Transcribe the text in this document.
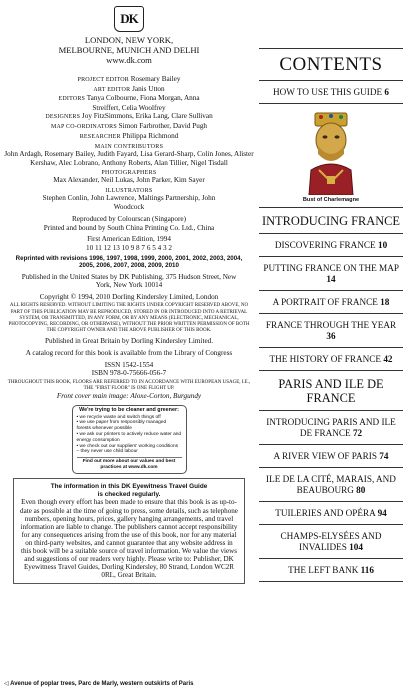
DK
LONDON, NEW YORK,
MELBOURNE, MUNICH AND DELHI
www.dk.com
PROJECT EDITOR Rosemary Bailey
ART EDITOR Janis Utton
EDITORS Tanya Colbourne, Fiona Morgan, Anna Streiffert, Celia Woolfrey
DESIGNERS Joy FitzSimmons, Erika Lang, Clare Sullivan
MAP CO-ORDINATORS Simon Farbrother, David Pugh
RESEARCHER Philippa Richmond
MAIN CONTRIBUTORS
John Ardagh, Rosemary Bailey, Judith Fayard, Lisa Gerard-Sharp, Colin Jones, Alister Kershaw, Alec Lobrano, Anthony Roberts, Alan Tillier, Nigel Tisdall
PHOTOGRAPHERS
Max Alexander, Neil Lukas, John Parker, Kim Sayer
ILLUSTRATORS
Stephen Conlin, John Lawrence, Maltings Partnership, John Woodcock
Reproduced by Colourscan (Singapore)
Printed and bound by South China Printing Co. Ltd., China
First American Edition, 1994
10 11 12 13 10 9 8 7 6 5 4 3 2
Reprinted with revisions 1996, 1997, 1998, 1999, 2000, 2001, 2002, 2003, 2004, 2005, 2006, 2007, 2008, 2009, 2010
Published in the United States by DK Publishing, 375 Hudson Street, New York, New York 10014
Copyright © 1994, 2010 Dorling Kindersley Limited, London
ALL RIGHTS RESERVED. WITHOUT LIMITING THE RIGHTS UNDER COPYRIGHT RESERVED ABOVE, NO PART OF THIS PUBLICATION MAY BE REPRODUCED, STORED IN OR INTRODUCED INTO A RETRIEVAL SYSTEM, OR TRANSMITTED, IN ANY FORM, OR BY ANY MEANS (ELECTRONIC, MECHANICAL, PHOTOCOPYING, RECORDING, OR OTHERWISE), WITHOUT THE PRIOR WRITTEN PERMISSION OF BOTH THE COPYRIGHT OWNER AND THE ABOVE PUBLISHER OF THIS BOOK.
Published in Great Britain by Dorling Kindersley Limited.
A catalog record for this book is available from the Library of Congress
ISSN 1542-1554
ISBN 978-0-75666-056-7
THROUGHOUT THIS BOOK, FLOORS ARE REFERRED TO IN ACCORDANCE WITH EUROPEAN USAGE, I.E., THE "FIRST FLOOR" IS ONE FLIGHT UP.
Front cover main image: Aloxe-Corton, Burgundy
We're trying to be cleaner and greener:
• we recycle waste and switch things off
• we use paper from responsibly managed forests whenever possible
• we ask our printers to actively reduce water and energy consumption
• we check out our suppliers' working conditions – they never use child labour
Find out more about our values and best practices at www.dk.com
The information in this DK Eyewitness Travel Guide
is checked regularly.
Even though every effort has been made to ensure that this book is as up-to-date as possible at the time of going to press, some details, such as telephone numbers, opening hours, prices, gallery hanging arrangements, and travel information are liable to change. The publishers cannot accept responsibility for any consequences arising from the use of this book, nor for any material on third-party websites, and cannot guarantee that any website address in this book will be a suitable source of travel information. We value the views and suggestions of our readers very highly. Please write to: Publisher, DK Eyewitness Travel Guides, Dorling Kindersley, 80 Strand, London WC2R 0RL, Great Britain.
◁ Avenue of poplar trees, Parc de Marly, western outskirts of Paris
CONTENTS
HOW TO USE THIS GUIDE 6
Bust of Charlemagne
INTRODUCING FRANCE
DISCOVERING FRANCE 10
PUTTING FRANCE ON THE MAP 14
A PORTRAIT OF FRANCE 18
FRANCE THROUGH THE YEAR 36
THE HISTORY OF FRANCE 42
PARIS AND ILE DE FRANCE
INTRODUCING PARIS AND ILE DE FRANCE 72
A RIVER VIEW OF PARIS 74
ILE DE LA CITÉ, MARAIS, AND BEAUBOURG 80
TUILERIES AND OPÉRA 94
CHAMPS-ELYSÉES AND INVALIDES 104
THE LEFT BANK 116
